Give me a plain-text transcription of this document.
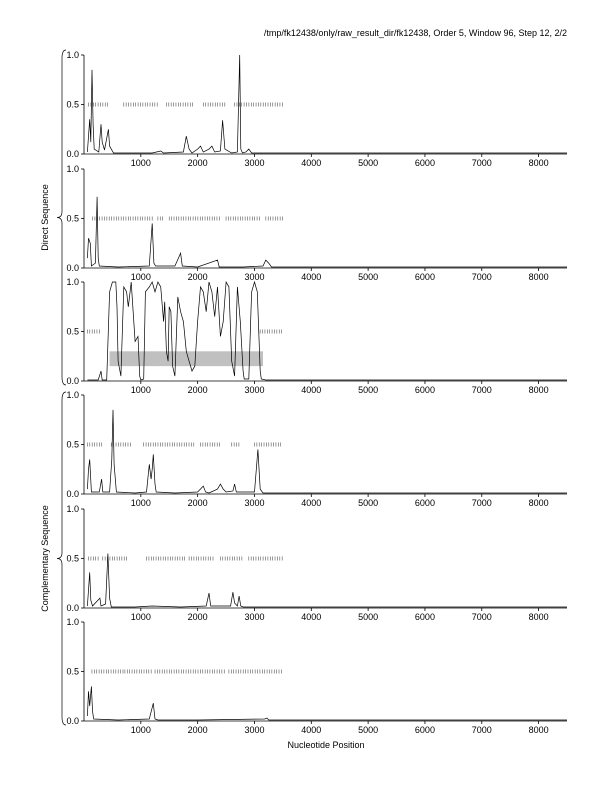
/tmp/fk12438/only/raw_result_dir/fk12438, Order 5, Window 96, Step 12, 2/2
Direct Sequence
Complementary Sequence
0.0
0.5
1.0
1000	2000	3000	4000	5000	6000	7000	8000
0.0
0.5
1.0
1000	2000	3000	4000	5000	6000	7000	8000
0.0
0.5
1.0
1000	2000	3000	4000	5000	6000	7000	8000
0.0
0.5
1.0
1000	2000	3000	4000	5000	6000	7000	8000
0.0
0.5
1.0
1000	2000	3000	4000	5000	6000	7000	8000
0.0
0.5
1.0
1000	2000	3000	4000	5000	6000	7000	8000
Nucleotide Position
